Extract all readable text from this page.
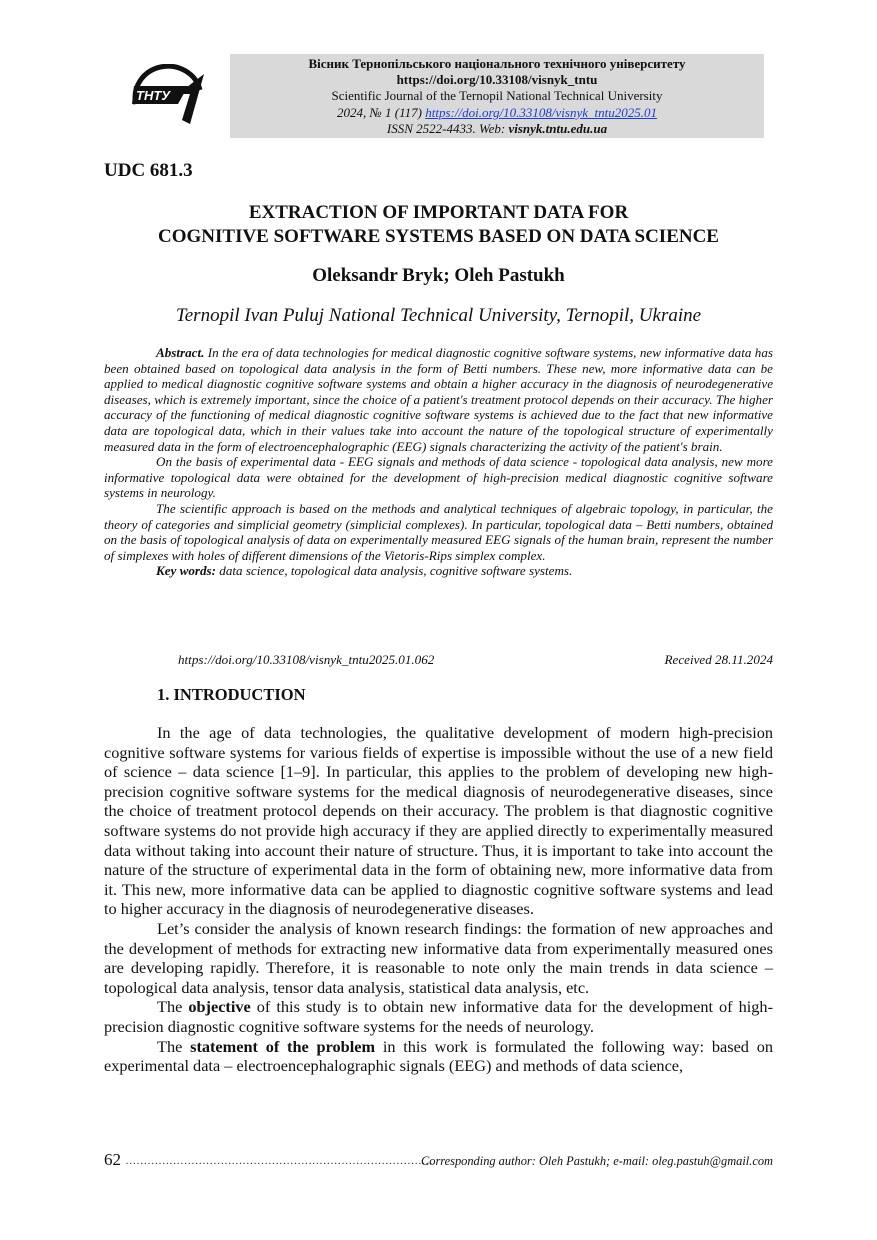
ТНТУ
Вісник Тернопільського національного технічного університету
https://doi.org/10.33108/visnyk_tntu
Scientific Journal of the Ternopil National Technical University
2024, № 1 (117) https://doi.org/10.33108/visnyk_tntu2025.01
ISSN 2522-4433. Web: visnyk.tntu.edu.ua
UDC 681.3
EXTRACTION OF IMPORTANT DATA FOR
COGNITIVE SOFTWARE SYSTEMS BASED ON DATA SCIENCE
Oleksandr Bryk; Oleh Pastukh
Ternopil Ivan Puluj National Technical University, Ternopil, Ukraine

Abstract. In the era of data technologies for medical diagnostic cognitive software systems, new informative data has been obtained based on topological data analysis in the form of Betti numbers. These new, more informative data can be applied to medical diagnostic cognitive software systems and obtain a higher accuracy in the diagnosis of neurodegenerative diseases, which is extremely important, since the choice of a patient's treatment protocol depends on their accuracy. The higher accuracy of the functioning of medical diagnostic cognitive software systems is achieved due to the fact that new informative data are topological data, which in their values take into account the nature of the topological structure of experimentally measured data in the form of electroencephalographic (EEG) signals characterizing the activity of the patient's brain.

On the basis of experimental data - EEG signals and methods of data science - topological data analysis, new more informative topological data were obtained for the development of high-precision medical diagnostic cognitive software systems in neurology.

The scientific approach is based on the methods and analytical techniques of algebraic topology, in particular, the theory of categories and simplicial geometry (simplicial complexes). In particular, topological data – Betti numbers, obtained on the basis of topological analysis of data on experimentally measured EEG signals of the human brain, represent the number of simplexes with holes of different dimensions of the Vietoris-Rips simplex complex.

Key words: data science, topological data analysis, cognitive software systems.

https://doi.org/10.33108/visnyk_tntu2025.01.062	Received 28.11.2024
1. INTRODUCTION

In the age of data technologies, the qualitative development of modern high-precision cognitive software systems for various fields of expertise is impossible without the use of a new field of science – data science [1–9]. In particular, this applies to the problem of developing new high-precision cognitive software systems for the medical diagnosis of neurodegenerative diseases, since the choice of treatment protocol depends on their accuracy. The problem is that diagnostic cognitive software systems do not provide high accuracy if they are applied directly to experimentally measured data without taking into account their nature of structure. Thus, it is important to take into account the nature of the structure of experimental data in the form of obtaining new, more informative data from it. This new, more informative data can be applied to diagnostic cognitive software systems and lead to higher accuracy in the diagnosis of neurodegenerative diseases.

Let’s consider the analysis of known research findings: the formation of new approaches and the development of methods for extracting new informative data from experimentally measured ones are developing rapidly. Therefore, it is reasonable to note only the main trends in data science – topological data analysis, tensor data analysis, statistical data analysis, etc.

The objective of this study is to obtain new informative data for the development of high-precision diagnostic cognitive software systems for the needs of neurology.

The statement of the problem in this work is formulated the following way: based on experimental data – electroencephalographic signals (EEG) and methods of data science,

62 …………………………………………………………………………
Corresponding author: Oleh Pastukh; e-mail: oleg.pastuh@gmail.com
